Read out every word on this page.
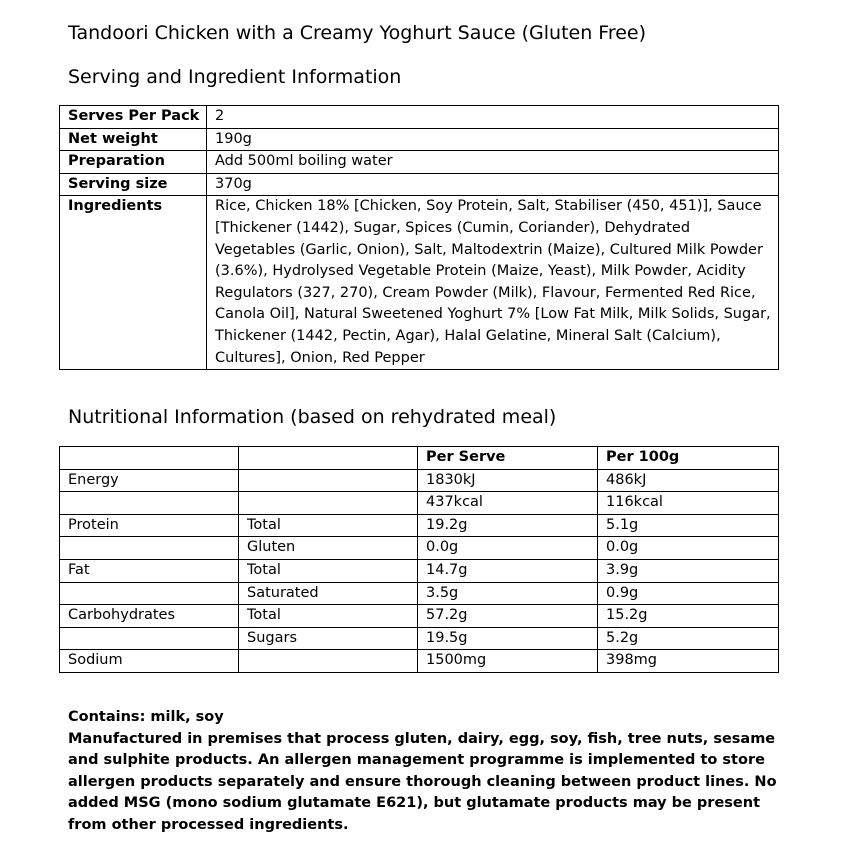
Tandoori Chicken with a Creamy Yoghurt Sauce (Gluten Free)
Serving and Ingredient Information
Serves Per Pack	2
Net weight	190g
Preparation	Add 500ml boiling water
Serving size	370g
Ingredients	Rice, Chicken 18% [Chicken, Soy Protein, Salt, Stabiliser (450, 451)], Sauce [Thickener (1442), Sugar, Spices (Cumin, Coriander), Dehydrated Vegetables (Garlic, Onion), Salt, Maltodextrin (Maize), Cultured Milk Powder (3.6%), Hydrolysed Vegetable Protein (Maize, Yeast), Milk Powder, Acidity Regulators (327, 270), Cream Powder (Milk), Flavour, Fermented Red Rice, Canola Oil], Natural Sweetened Yoghurt 7% [Low Fat Milk, Milk Solids, Sugar, Thickener (1442, Pectin, Agar), Halal Gelatine, Mineral Salt (Calcium), Cultures], Onion, Red Pepper
Nutritional Information (based on rehydrated meal)
		Per Serve	Per 100g
Energy		1830kJ	486kJ
		437kcal	116kcal
Protein	Total	19.2g	5.1g
	Gluten	0.0g	0.0g
Fat	Total	14.7g	3.9g
	Saturated	3.5g	0.9g
Carbohydrates	Total	57.2g	15.2g
	Sugars	19.5g	5.2g
Sodium		1500mg	398mg

Contains: milk, soy

Manufactured in premises that process gluten, dairy, egg, soy, fish, tree nuts, sesame and sulphite products. An allergen management programme is implemented to store allergen products separately and ensure thorough cleaning between product lines. No added MSG (mono sodium glutamate E621), but glutamate products may be present from other processed ingredients.
